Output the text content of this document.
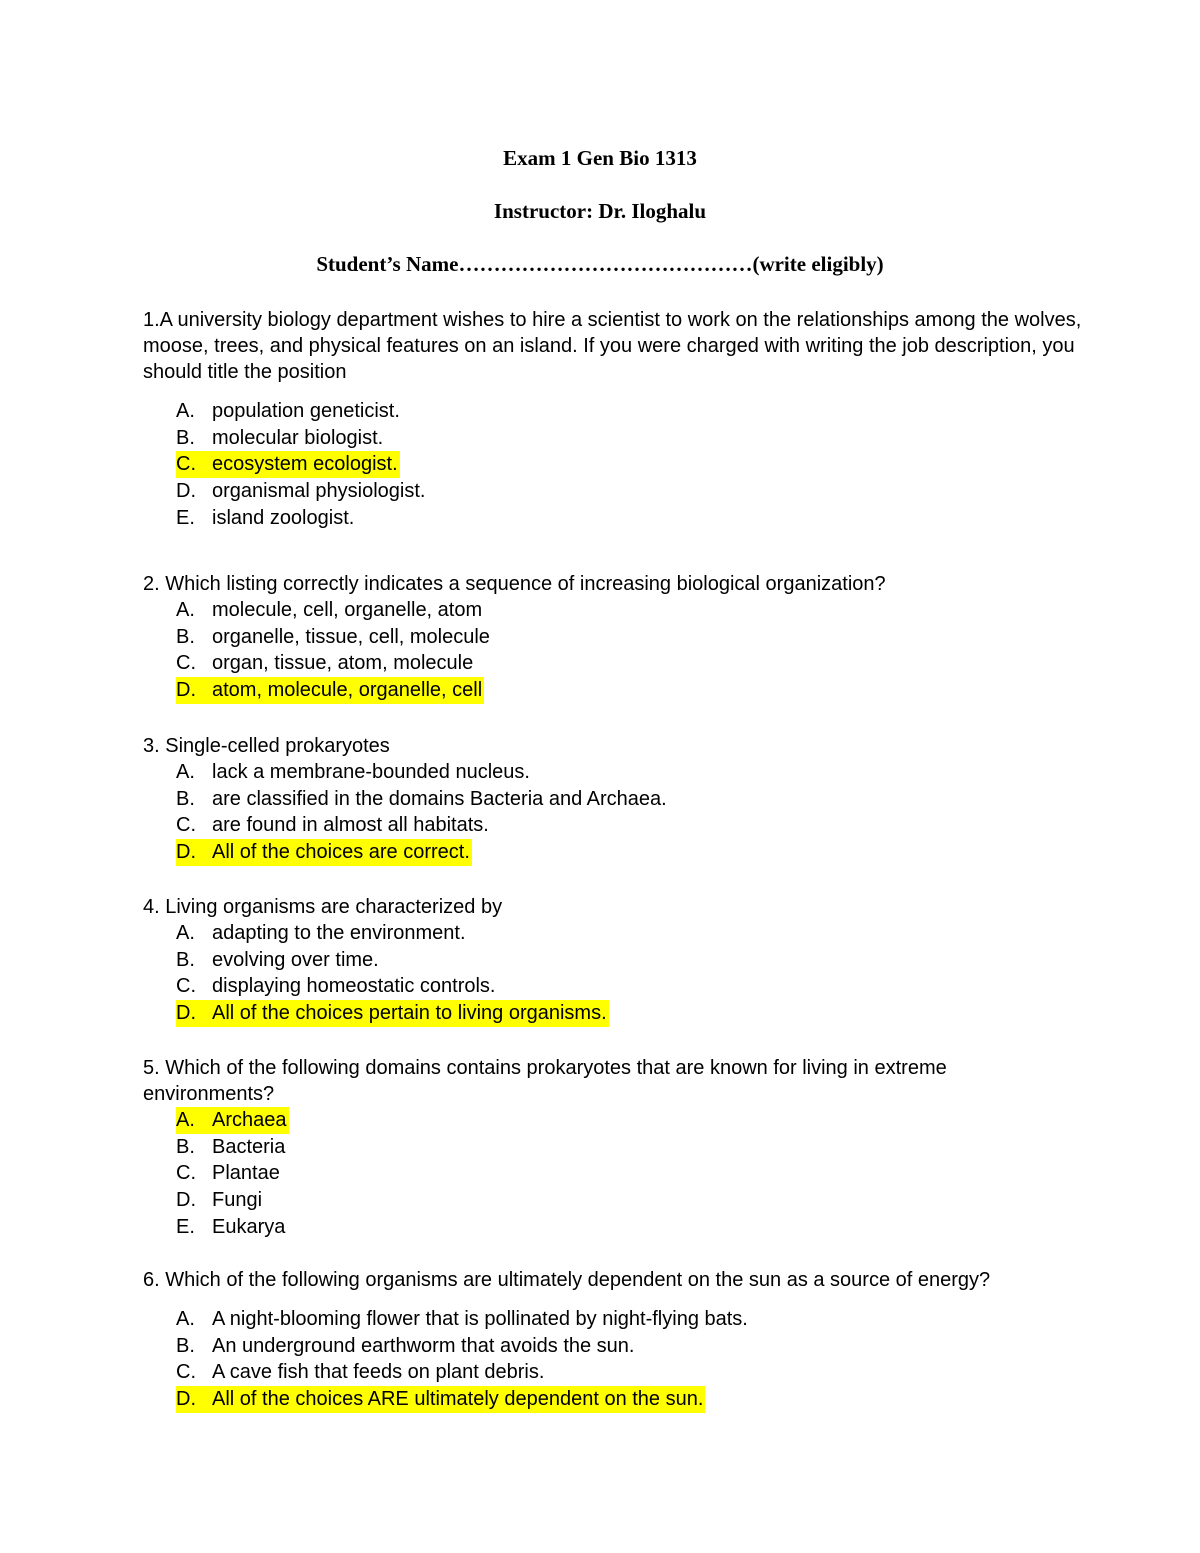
Exam 1 Gen Bio 1313
Instructor: Dr. Iloghalu
Student’s Name……………………………………(write eligibly)

1.A university biology department wishes to hire a scientist to work on the relationships among the wolves, moose, trees, and physical features on an island. If you were charged with writing the job description, you should title the position

A. population geneticist.
B. molecular biologist.
C. ecosystem ecologist.
D. organismal physiologist.
E. island zoologist.

2. Which listing correctly indicates a sequence of increasing biological organization?

A. molecule, cell, organelle, atom
B. organelle, tissue, cell, molecule
C. organ, tissue, atom, molecule
D. atom, molecule, organelle, cell

3. Single-celled prokaryotes

A. lack a membrane-bounded nucleus.
B. are classified in the domains Bacteria and Archaea.
C. are found in almost all habitats.
D. All of the choices are correct.

4. Living organisms are characterized by

A. adapting to the environment.
B. evolving over time.
C. displaying homeostatic controls.
D. All of the choices pertain to living organisms.

5. Which of the following domains contains prokaryotes that are known for living in extreme environments?

A. Archaea
B. Bacteria
C. Plantae
D. Fungi
E. Eukarya

6. Which of the following organisms are ultimately dependent on the sun as a source of energy?

A. A night-blooming flower that is pollinated by night-flying bats.
B. An underground earthworm that avoids the sun.
C. A cave fish that feeds on plant debris.
D. All of the choices ARE ultimately dependent on the sun.
